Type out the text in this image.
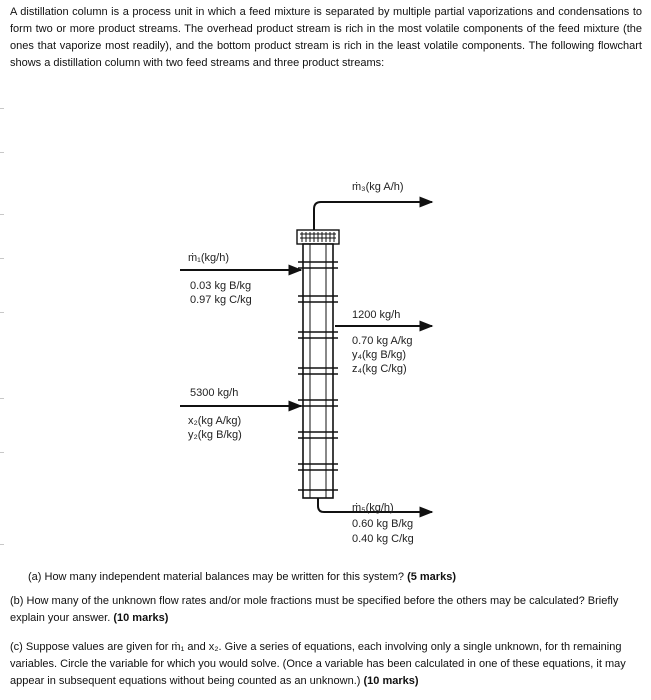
A distillation column is a process unit in which a feed mixture is separated by multiple partial vaporizations and condensations to form two or more product streams. The overhead product stream is rich in the most volatile components of the feed mixture (the ones that vaporize most readily), and the bottom product stream is rich in the least volatile components. The following flowchart shows a distillation column with two feed streams and three product streams:

ṁ₁(kg/h)
0.03 kg B/kg
0.97 kg C/kg
5300 kg/h
x₂(kg A/kg)
y₂(kg B/kg)
1200 kg/h
0.70 kg A/kg
y₄(kg B/kg)
z₄(kg C/kg)
ṁ₃(kg A/h)
ṁ₅(kg/h)
0.60 kg B/kg
0.40 kg C/kg

(a) How many independent material balances may be written for this system? (5 marks)

(b) How many of the unknown flow rates and/or mole fractions must be specified before the others may be calculated? Briefly explain your answer. (10 marks)

(c) Suppose values are given for ṁ₁ and x₂. Give a series of equations, each involving only a single unknown, for th remaining variables. Circle the variable for which you would solve. (Once a variable has been calculated in one of these equations, it may appear in subsequent equations without being counted as an unknown.) (10 marks)
